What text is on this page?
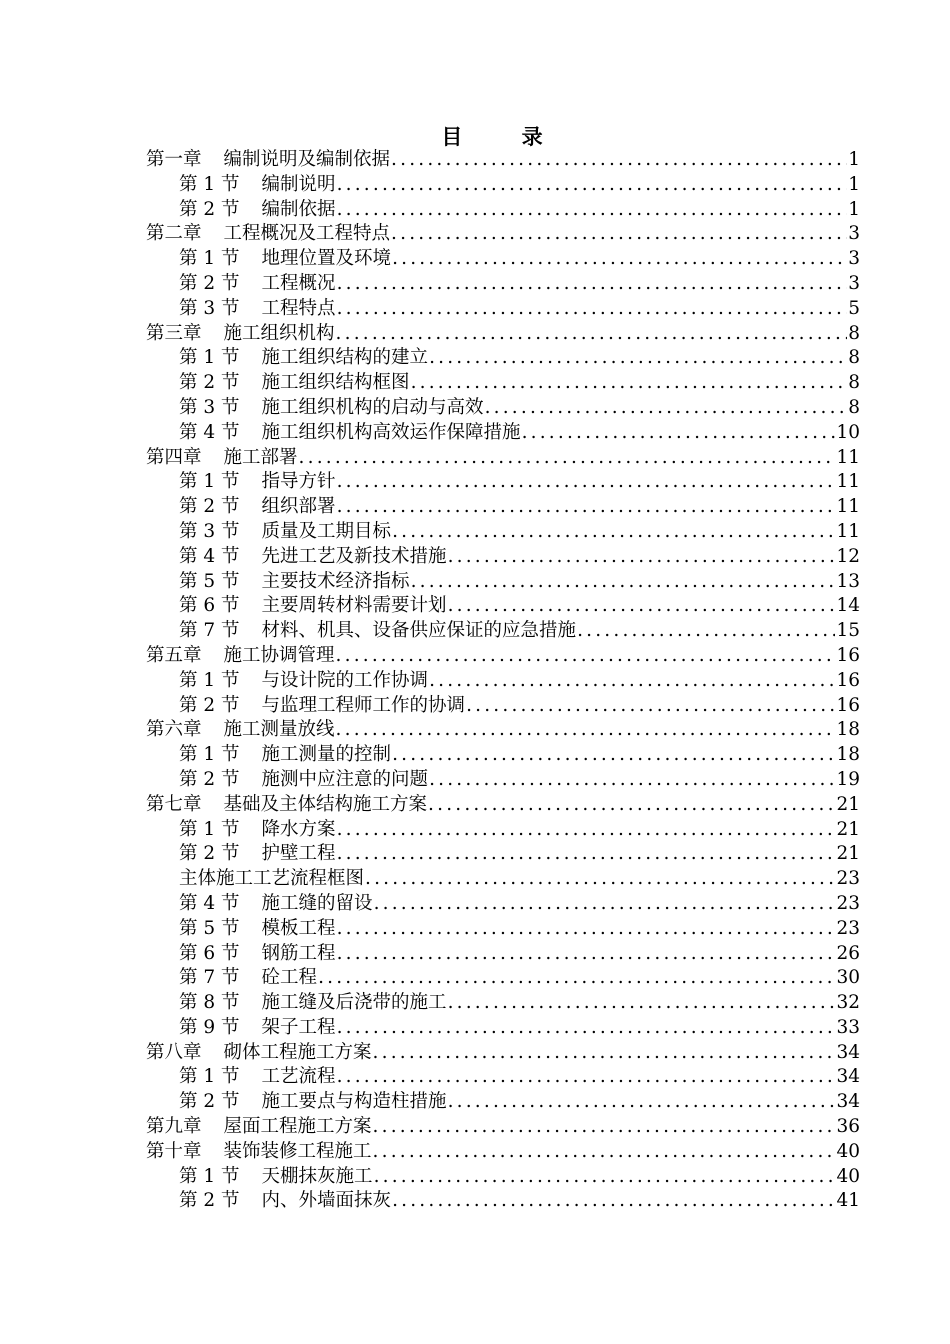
目 录
第一章 编制说明及编制依据 .....	1
第 1 节 编制说明 .....	1
第 2 节 编制依据 .....	1
第二章 工程概况及工程特点 .....	3
第 1 节 地理位置及环境 .....	3
第 2 节 工程概况 .....	3
第 3 节 工程特点 .....	5
第三章 施工组织机构 .....	8
第 1 节 施工组织结构的建立 .....	8
第 2 节 施工组织结构框图 .....	8
第 3 节 施工组织机构的启动与高效 .....	8
第 4 节 施工组织机构高效运作保障措施 .....	10
第四章 施工部署 .....	11
第 1 节 指导方针 .....	11
第 2 节 组织部署 .....	11
第 3 节 质量及工期目标 .....	11
第 4 节 先进工艺及新技术措施 .....	12
第 5 节 主要技术经济指标 .....	13
第 6 节 主要周转材料需要计划 .....	14
第 7 节 材料、机具、设备供应保证的应急措施 .....	15
第五章 施工协调管理 .....	16
第 1 节 与设计院的工作协调 .....	16
第 2 节 与监理工程师工作的协调 .....	16
第六章 施工测量放线 .....	18
第 1 节 施工测量的控制 .....	18
第 2 节 施测中应注意的问题 .....	19
第七章 基础及主体结构施工方案 .....	21
第 1 节 降水方案 .....	21
第 2 节 护壁工程 .....	21
主体施工工艺流程框图 .....	23
第 4 节 施工缝的留设 .....	23
第 5 节 模板工程 .....	23
第 6 节 钢筋工程 .....	26
第 7 节 砼工程 .....	30
第 8 节 施工缝及后浇带的施工 .....	32
第 9 节 架子工程 .....	33
第八章 砌体工程施工方案 .....	34
第 1 节 工艺流程 .....	34
第 2 节 施工要点与构造柱措施 .....	34
第九章 屋面工程施工方案 .....	36
第十章 装饰装修工程施工 .....	40
第 1 节 天棚抹灰施工 .....	40
第 2 节 内、外墙面抹灰 .....	41
